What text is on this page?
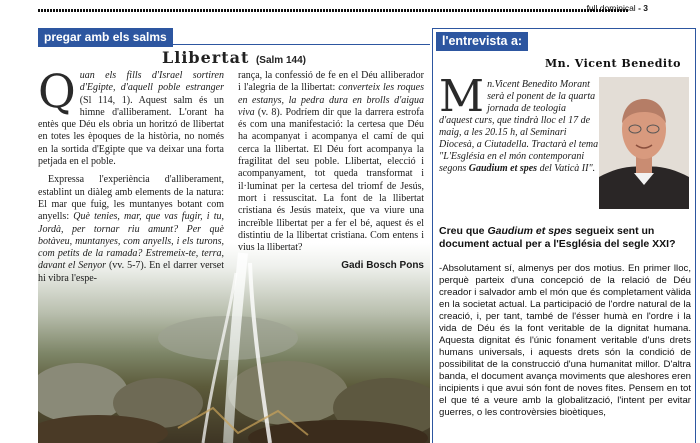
full dominical - 3
pregar amb els salms
Llibertat (Salm 144)

Quan els fills d'Israel sortiren d'Egipte, d'aquell poble estranger (Sl 114, 1). Aquest salm és un himne d'alliberament. L'orant ha entès que Déu els obria un horitzó de llibertat en totes les èpoques de la història, no només en la sortida d'Egipte que va deixar una forta petjada en el poble.

Expressa l'experiència d'alliberament, establint un diàleg amb elements de la natura: El mar que fuig, les muntanyes botant com anyells: Què tenies, mar, que vas fugir, i tu, Jordà, per tornar riu amunt? Per què botàveu, muntanyes, com anyells, i els turons, com petits de la ramada? Estremeix-te, terra, davant el Senyor (vv. 5-7). En el darrer verset hi vibra l'espe-

rança, la confessió de fe en el Déu alliberador i l'alegria de la llibertat: converteix les roques en estanys, la pedra dura en brolls d'aigua viva (v. 8). Podríem dir que la darrera estrofa és com una manifestació: la certesa que Déu ha acompanyat i acompanya el camí de qui cerca la llibertat. El Déu fort acompanya la fragilitat del seu poble. Llibertat, elecció i acompanyament, tot queda transformat i il·luminat per la certesa del triomf de Jesús, mort i ressuscitat. La font de la llibertat cristiana és Jesús mateix, que va viure una increïble llibertat per a fer el bé, aquest és el distintiu de la llibertat cristiana. Com entens i vius la llibertat?

Gadi Bosch Pons
l'entrevista a:
Mn. Vicent Benedito
Mn.Vicent Benedito Morant serà el ponent de la quarta jornada de teologia d'aquest curs, que tindrà lloc el 17 de maig, a les 20.15 h, al Seminari Diocesà, a Ciutadella. Tractarà el tema "L'Església en el món contemporani segons Gaudium et spes del Vaticà II".
Creu que Gaudium et spes segueix sent un document actual per a l'Església del segle XXI?
-Absolutament sí, almenys per dos motius. En primer lloc, perquè parteix d'una concepció de la relació de Déu creador i salvador amb el món que és completament vàlida en la societat actual. La participació de l'ordre natural de la creació, i, per tant, també de l'ésser humà en l'ordre i la vida de Déu és la font veritable de la dignitat humana. Aquesta dignitat és l'únic fonament veritable d'uns drets humans universals, i aquests drets són la condició de possibilitat de la construcció d'una humanitat millor. D'altra banda, el document avança moviments que aleshores eren incipients i que avui són font de noves fites. Pensem en tot el que té a veure amb la globalització, l'intent per evitar guerres, o les controvèrsies bioètiques,
